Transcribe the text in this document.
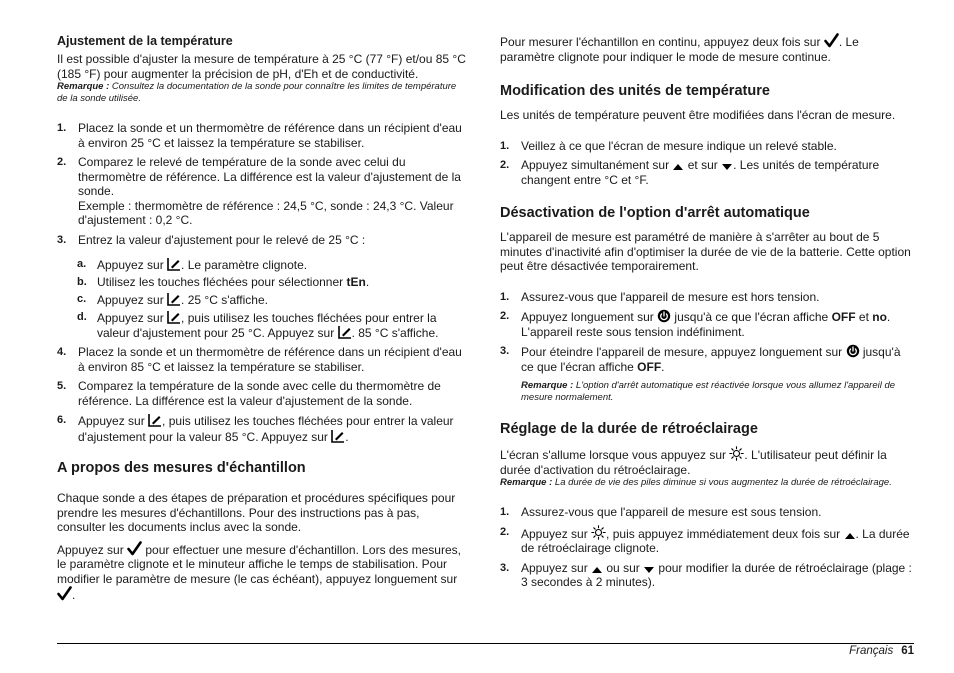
Ajustement de la température
Il est possible d'ajuster la mesure de température à 25 °C (77 °F) et/ou 85 °C (185 °F) pour augmenter la précision de pH, d'Eh et de conductivité.
Remarque : Consultez la documentation de la sonde pour connaître les limites de température de la sonde utilisée.
1. Placez la sonde et un thermomètre de référence dans un récipient d'eau à environ 25 °C et laissez la température se stabiliser.
2. Comparez le relevé de température de la sonde avec celui du thermomètre de référence. La différence est la valeur d'ajustement de la sonde.
Exemple : thermomètre de référence : 24,5 °C, sonde : 24,3 °C. Valeur d'ajustement : 0,2 °C.
3. Entrez la valeur d'ajustement pour le relevé de 25 °C :
a. Appuyez sur . Le paramètre clignote.
b. Utilisez les touches fléchées pour sélectionner tEn.
c. Appuyez sur . 25 °C s'affiche.
d. Appuyez sur , puis utilisez les touches fléchées pour entrer la valeur d'ajustement pour 25 °C. Appuyez sur . 85 °C s'affiche.
4. Placez la sonde et un thermomètre de référence dans un récipient d'eau à environ 85 °C et laissez la température se stabiliser.
5. Comparez la température de la sonde avec celle du thermomètre de référence. La différence est la valeur d'ajustement de la sonde.
6. Appuyez sur , puis utilisez les touches fléchées pour entrer la valeur d'ajustement pour la valeur 85 °C. Appuyez sur .
A propos des mesures d'échantillon
Chaque sonde a des étapes de préparation et procédures spécifiques pour prendre les mesures d'échantillons. Pour des instructions pas à pas, consulter les documents inclus avec la sonde.
Appuyez sur
pour effectuer une mesure d'échantillon. Lors des mesures, le paramètre clignote et le minuteur affiche le temps de stabilisation. Pour modifier le paramètre de mesure (le cas échéant), appuyez longuement sur
.
Pour mesurer l'échantillon en continu, appuyez deux fois sur . Le paramètre clignote pour indiquer le mode de mesure continue.
Modification des unités de température
Les unités de température peuvent être modifiées dans l'écran de mesure.
1. Veillez à ce que l'écran de mesure indique un relevé stable.
2. Appuyez simultanément sur
et sur . Les unités de température changent entre °C et °F.
Désactivation de l'option d'arrêt automatique
L'appareil de mesure est paramétré de manière à s'arrêter au bout de 5 minutes d'inactivité afin d'optimiser la durée de vie de la batterie. Cette option peut être désactivée temporairement.
1. Assurez-vous que l'appareil de mesure est hors tension.
2. Appuyez longuement sur
jusqu'à ce que l'écran affiche OFF et no. L'appareil reste sous tension indéfiniment.
3. Pour éteindre l'appareil de mesure, appuyez longuement sur
jusqu'à ce que l'écran affiche OFF.
Remarque : L'option d'arrêt automatique est réactivée lorsque vous allumez l'appareil de mesure normalement.
Réglage de la durée de rétroéclairage
L'écran s'allume lorsque vous appuyez sur . L'utilisateur peut définir la durée d'activation du rétroéclairage.
Remarque : La durée de vie des piles diminue si vous augmentez la durée de rétroéclairage.
1. Assurez-vous que l'appareil de mesure est sous tension.
2. Appuyez sur , puis appuyez immédiatement deux fois sur . La durée de rétroéclairage clignote.
3. Appuyez sur
ou sur
pour modifier la durée de rétroéclairage (plage : 3 secondes à 2 minutes).
Français 61
